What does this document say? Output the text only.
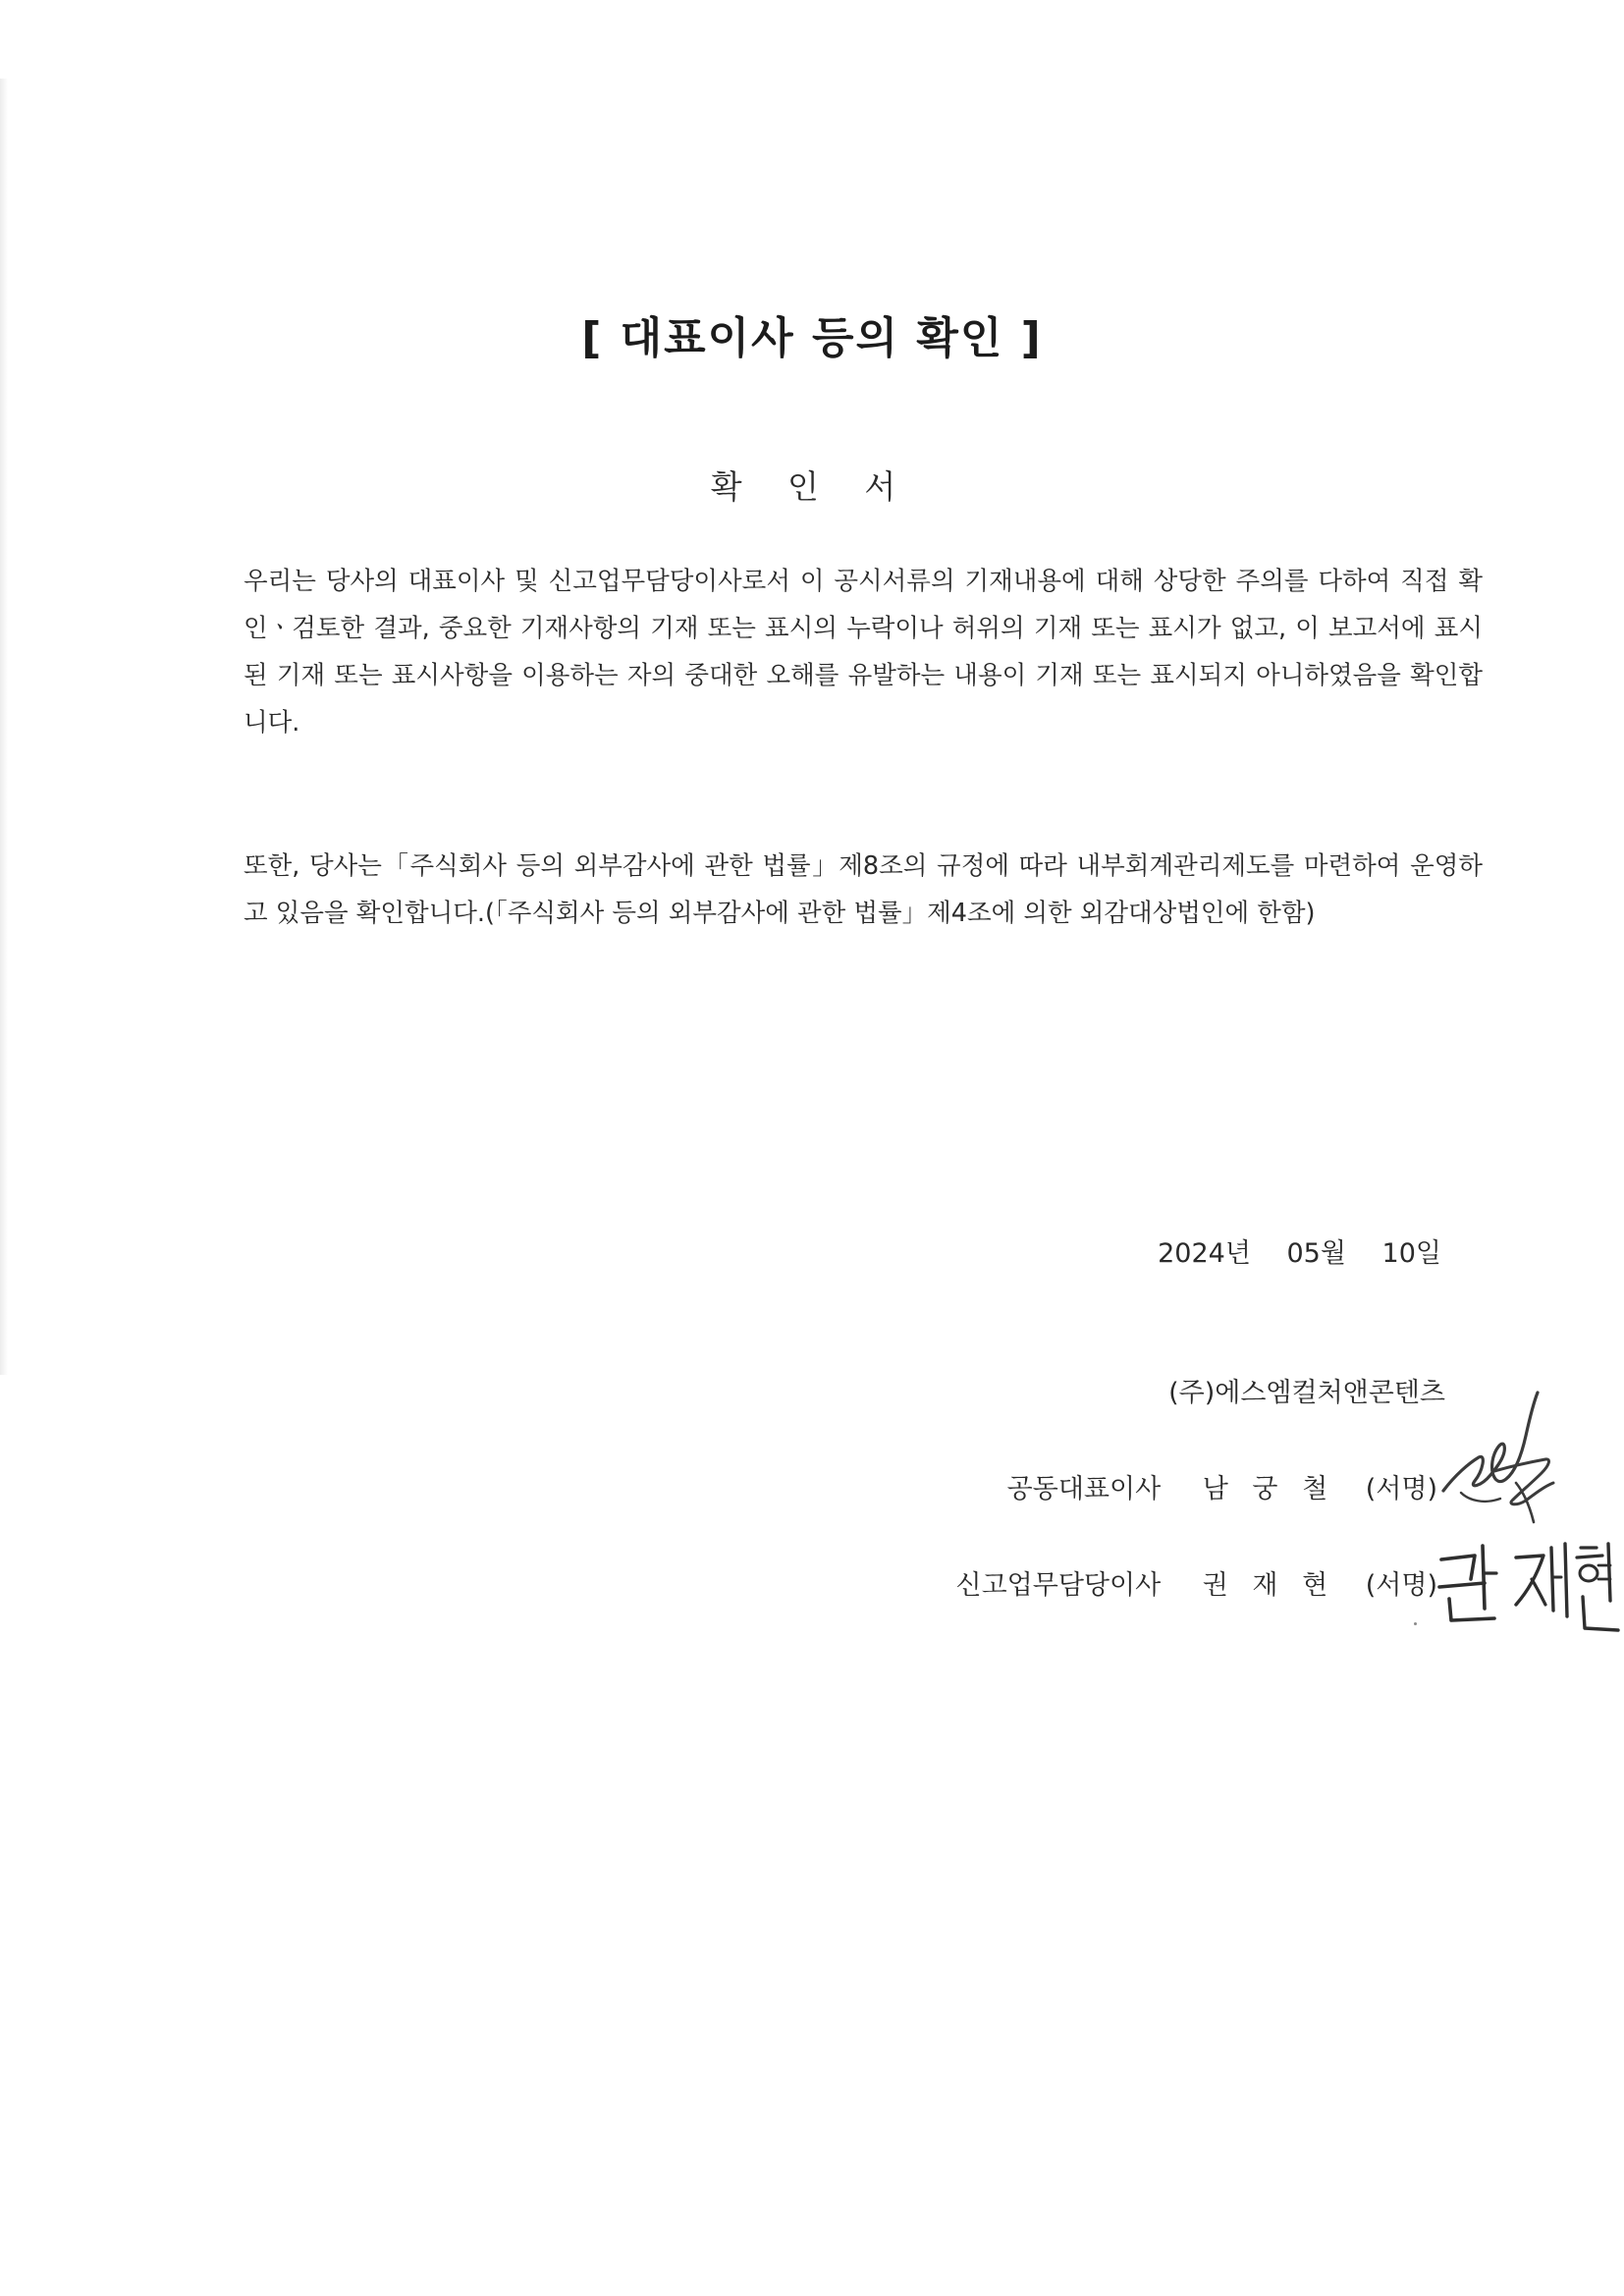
[ 대표이사 등의 확인 ]
확 인 서
우리는 당사의 대표이사 및 신고업무담당이사로서 이 공시서류의 기재내용에 대해 상당한 주의를 다하여 직접 확인ㆍ검토한 결과, 중요한 기재사항의 기재 또는 표시의 누락이나 허위의 기재 또는 표시가 없고, 이 보고서에 표시된 기재 또는 표시사항을 이용하는 자의 중대한 오해를 유발하는 내용이 기재 또는 표시되지 아니하였음을 확인합니다.
또한, 당사는「주식회사 등의 외부감사에 관한 법률」제8조의 규정에 따라 내부회계관리제도를 마련하여 운영하고 있음을 확인합니다.(「주식회사 등의 외부감사에 관한 법률」제4조에 의한 외감대상법인에 한함)
2024년 05월 10일
(주)에스엠컬처앤콘텐츠
공동대표이사 남 궁 철 (서명)
신고업무담당이사 권 재 현 (서명)
